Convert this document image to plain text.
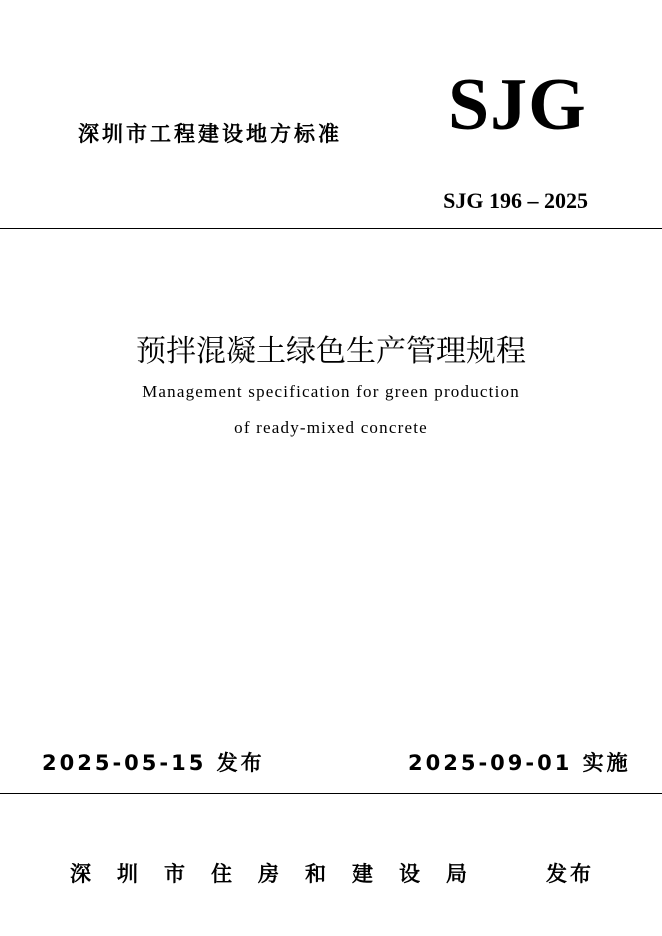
深圳市工程建设地方标准 SJG
SJG 196 – 2025
预拌混凝土绿色生产管理规程
Management specification for green production
of ready-mixed concrete
2025-05-15 发布	2025-09-01 实施
深圳市住房和建设局	发布
